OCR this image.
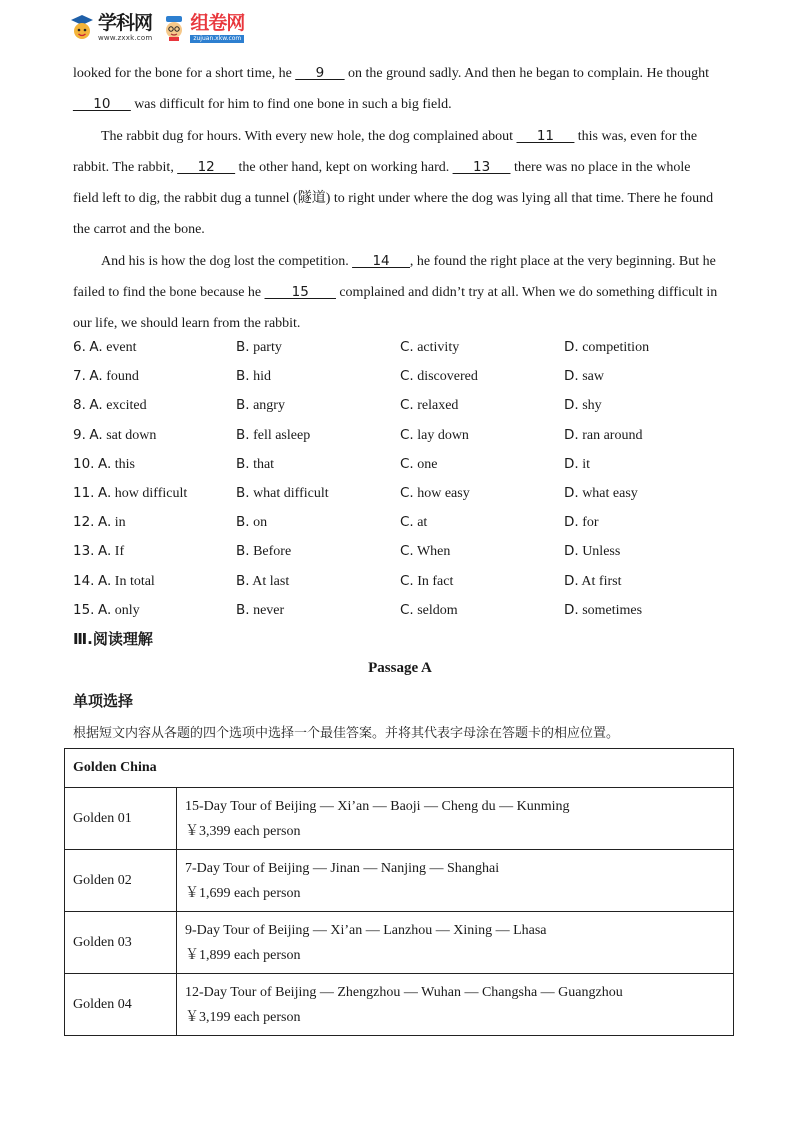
学科网
www.zxxk.com
组卷网
zujuan.xkw.com
looked for the bone for a short time, he ___9___ on the ground sadly. And then he began to complain. He thought
___10___ was difficult for him to find one bone in such a big field.
The rabbit dug for hours. With every new hole, the dog complained about ___11___ this was, even for the
rabbit. The rabbit, ___12___ the other hand, kept on working hard. ___13___ there was no place in the whole
field left to dig, the rabbit dug a tunnel (隧道) to right under where the dog was lying all that time. There he found
the carrot and the bone.
And his is how the dog lost the competition. ___14___, he found the right place at the very beginning. But he
failed to find the bone because he ____15____ complained and didn’t try at all. When we do something difficult in
our life, we should learn from the rabbit.
6. A. event	B. party	C. activity	D. competition
7. A. found	B. hid	C. discovered	D. saw
8. A. excited	B. angry	C. relaxed	D. shy
9. A. sat down	B. fell asleep	C. lay down	D. ran around
10. A. this	B. that	C. one	D. it
11. A. how difficult	B. what difficult	C. how easy	D. what easy
12. A. in	B. on	C. at	D. for
13. A. If	B. Before	C. When	D. Unless
14. A. In total	B. At last	C. In fact	D. At first
15. A. only	B. never	C. seldom	D. sometimes
Ⅲ.阅读理解
Passage A
单项选择
根据短文内容从各题的四个选项中选择一个最佳答案。并将其代表字母涂在答题卡的相应位置。
Golden China	
Golden 01	15-Day Tour of Beijing — Xi’an — Baoji — Cheng du — Kunming
￥3,399 each person

Golden 02	7-Day Tour of Beijing — Jinan — Nanjing — Shanghai
￥1,699 each person

Golden 03	9-Day Tour of Beijing — Xi’an — Lanzhou — Xining — Lhasa
￥1,899 each person

Golden 04	12-Day Tour of Beijing — Zhengzhou — Wuhan — Changsha — Guangzhou
￥3,199 each person
